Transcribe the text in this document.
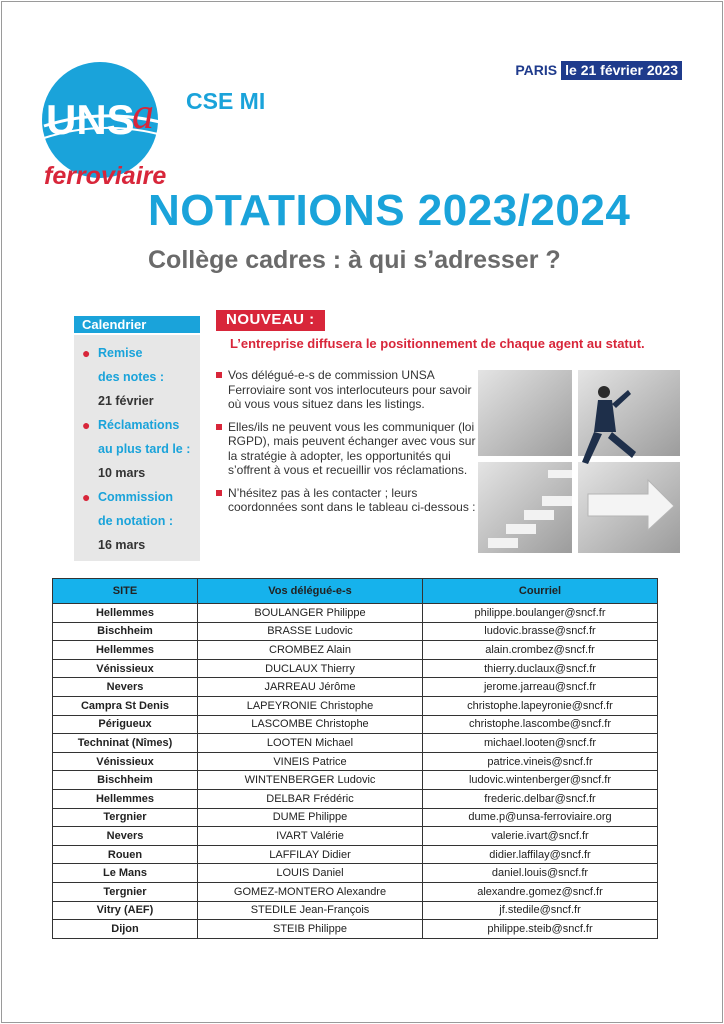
UNS
a
ferroviaire
CSE MI
PARIS le 21 février 2023
NOTATIONS 2023/2024
Collège cadres : à qui s’adresser ?
Calendrier
● Remise
des notes :
21 février
● Réclamations
au plus tard le :
10 mars
● Commission
de notation :
16 mars
NOUVEAU :
L’entreprise diffusera le positionnement de chaque agent au statut.

Vos délégué-e-s de commission UNSA Ferroviaire sont vos interlocuteurs pour savoir où vous vous situez dans les listings.

Elles/ils ne peuvent vous les communiquer (loi RGPD), mais peuvent échanger avec vous sur la stratégie à adopter, les opportunités qui s’offrent à vous et recueillir vos réclamations.

N’hésitez pas à les contacter ; leurs coordonnées sont dans le tableau ci-dessous :

SITE	Vos délégué-e-s	Courriel
Hellemmes	BOULANGER Philippe	philippe.boulanger@sncf.fr
Bischheim	BRASSE Ludovic	ludovic.brasse@sncf.fr
Hellemmes	CROMBEZ Alain	alain.crombez@sncf.fr
Vénissieux	DUCLAUX Thierry	thierry.duclaux@sncf.fr
Nevers	JARREAU Jérôme	jerome.jarreau@sncf.fr
Campra St Denis	LAPEYRONIE Christophe	christophe.lapeyronie@sncf.fr
Périgueux	LASCOMBE Christophe	christophe.lascombe@sncf.fr
Techninat (Nîmes)	LOOTEN Michael	michael.looten@sncf.fr
Vénissieux	VINEIS Patrice	patrice.vineis@sncf.fr
Bischheim	WINTENBERGER Ludovic	ludovic.wintenberger@sncf.fr
Hellemmes	DELBAR Frédéric	frederic.delbar@sncf.fr
Tergnier	DUME Philippe	dume.p@unsa-ferroviaire.org
Nevers	IVART Valérie	valerie.ivart@sncf.fr
Rouen	LAFFILAY Didier	didier.laffilay@sncf.fr
Le Mans	LOUIS Daniel	daniel.louis@sncf.fr
Tergnier	GOMEZ-MONTERO Alexandre	alexandre.gomez@sncf.fr
Vitry (AEF)	STEDILE Jean-François	jf.stedile@sncf.fr
Dijon	STEIB Philippe	philippe.steib@sncf.fr
